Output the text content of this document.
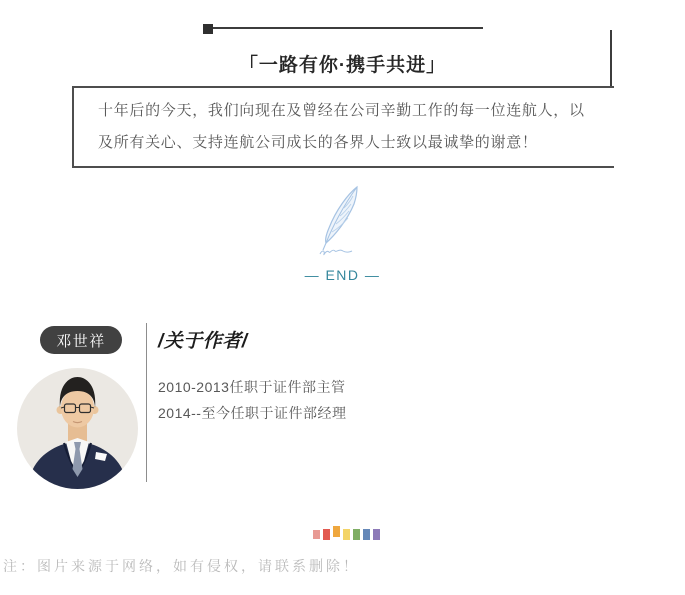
「一路有你·携手共进」
十年后的今天，我们向现在及曾经在公司辛勤工作的每一位连航人，以及所有关心、支持连航公司成长的各界人士致以最诚挚的谢意！
— END —
邓世祥	/关于作者/
2010-2013任职于证件部主管
2014--至今任职于证件部经理
注：图片来源于网络，如有侵权，请联系删除！
